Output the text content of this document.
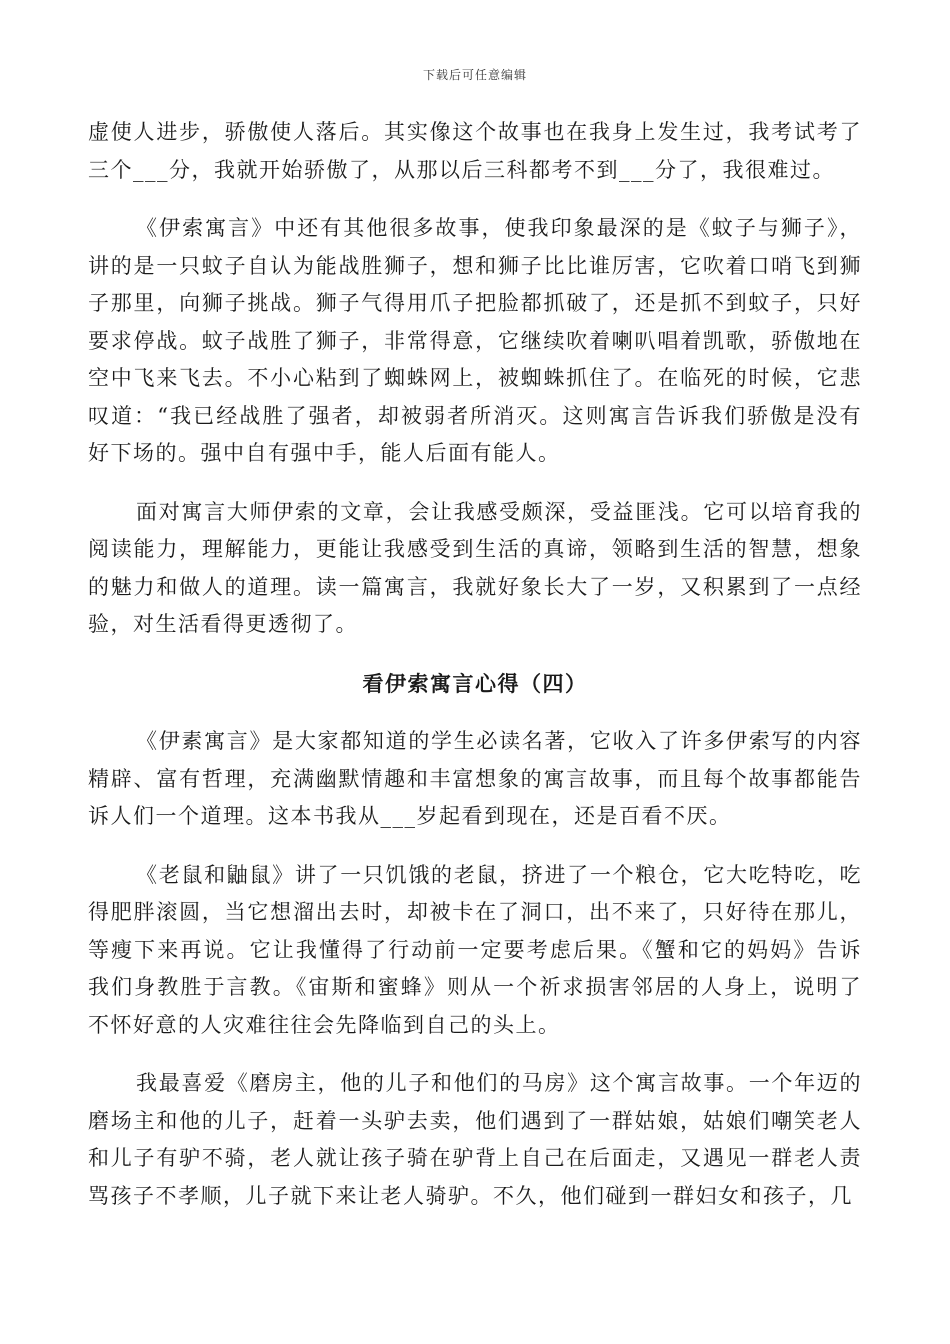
下载后可任意编辑

虚使人进步，骄傲使人落后。其实像这个故事也在我身上发生过，我考试考了三个___分，我就开始骄傲了，从那以后三科都考不到___分了，我很难过。

《伊索寓言》中还有其他很多故事，使我印象最深的是《蚊子与狮子》，讲的是一只蚊子自认为能战胜狮子，想和狮子比比谁厉害，它吹着口哨飞到狮子那里，向狮子挑战。狮子气得用爪子把脸都抓破了，还是抓不到蚊子，只好要求停战。蚊子战胜了狮子，非常得意，它继续吹着喇叭唱着凯歌，骄傲地在空中飞来飞去。不小心粘到了蜘蛛网上，被蜘蛛抓住了。在临死的时候，它悲叹道：“我已经战胜了强者，却被弱者所消灭。这则寓言告诉我们骄傲是没有好下场的。强中自有强中手，能人后面有能人。

面对寓言大师伊索的文章，会让我感受颇深，受益匪浅。它可以培育我的阅读能力，理解能力，更能让我感受到生活的真谛，领略到生活的智慧，想象的魅力和做人的道理。读一篇寓言，我就好象长大了一岁，又积累到了一点经验，对生活看得更透彻了。

看伊索寓言心得（四）

《伊素寓言》是大家都知道的学生必读名著，它收入了许多伊索写的内容精辟、富有哲理，充满幽默情趣和丰富想象的寓言故事，而且每个故事都能告诉人们一个道理。这本书我从___岁起看到现在，还是百看不厌。

《老鼠和鼬鼠》讲了一只饥饿的老鼠，挤进了一个粮仓，它大吃特吃，吃得肥胖滚圆，当它想溜出去时，却被卡在了洞口，出不来了，只好待在那儿，等瘦下来再说。它让我懂得了行动前一定要考虑后果。《蟹和它的妈妈》告诉我们身教胜于言教。《宙斯和蜜蜂》则从一个祈求损害邻居的人身上，说明了不怀好意的人灾难往往会先降临到自己的头上。

我最喜爱《磨房主，他的儿子和他们的马房》这个寓言故事。一个年迈的磨场主和他的儿子，赶着一头驴去卖，他们遇到了一群姑娘，姑娘们嘲笑老人和儿子有驴不骑，老人就让孩子骑在驴背上自己在后面走，又遇见一群老人责骂孩子不孝顺，儿子就下来让老人骑驴。不久，他们碰到一群妇女和孩子，几
